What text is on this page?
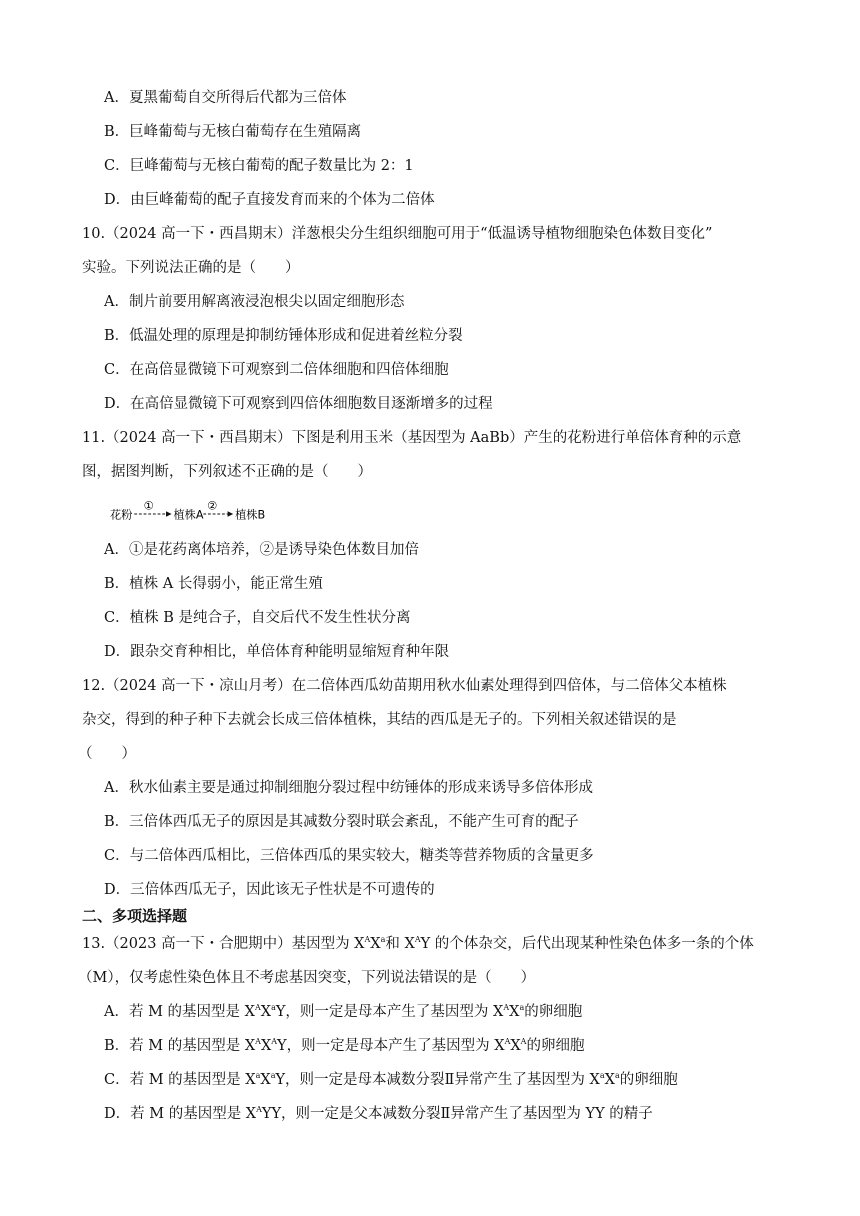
A．夏黑葡萄自交所得后代都为三倍体
B．巨峰葡萄与无核白葡萄存在生殖隔离
C．巨峰葡萄与无核白葡萄的配子数量比为 2：1
D．由巨峰葡萄的配子直接发育而来的个体为二倍体
10.（2024 高一下・西昌期末）洋葱根尖分生组织细胞可用于“低温诱导植物细胞染色体数目变化”
实验。下列说法正确的是（　　）
A．制片前要用解离液浸泡根尖以固定细胞形态
B．低温处理的原理是抑制纺锤体形成和促进着丝粒分裂
C．在高倍显微镜下可观察到二倍体细胞和四倍体细胞
D．在高倍显微镜下可观察到四倍体细胞数目逐渐增多的过程
11.（2024 高一下・西昌期末）下图是利用玉米（基因型为 AaBb）产生的花粉进行单倍体育种的示意
图，据图判断，下列叙述不正确的是（　　）
花粉
①
植株A
②
植株B
A．①是花药离体培养，②是诱导染色体数目加倍
B．植株 A 长得弱小，能正常生殖
C．植株 B 是纯合子，自交后代不发生性状分离
D．跟杂交育种相比，单倍体育种能明显缩短育种年限
12.（2024 高一下・凉山月考）在二倍体西瓜幼苗期用秋水仙素处理得到四倍体，与二倍体父本植株
杂交，得到的种子种下去就会长成三倍体植株，其结的西瓜是无子的。下列相关叙述错误的是
（　　）
A．秋水仙素主要是通过抑制细胞分裂过程中纺锤体的形成来诱导多倍体形成
B．三倍体西瓜无子的原因是其减数分裂时联会紊乱，不能产生可育的配子
C．与二倍体西瓜相比，三倍体西瓜的果实较大，糖类等营养物质的含量更多
D．三倍体西瓜无子，因此该无子性状是不可遗传的
二、多项选择题
13.（2023 高一下・合肥期中）基因型为 $X^AX^a$和 $X^AY$ 的个体杂交，后代出现某种性染色体多一条的个体
（M），仅考虑性染色体且不考虑基因突变，下列说法错误的是（　　）
A．若 M 的基因型是 $X^AX^aY$，则一定是母本产生了基因型为 $X^AX^a$的卵细胞
B．若 M 的基因型是 $X^AX^AY$，则一定是母本产生了基因型为 $X^AX^A$的卵细胞
C．若 M 的基因型是 $X^aX^aY$，则一定是母本减数分裂Ⅱ异常产生了基因型为 $X^aX^a$的卵细胞
D．若 M 的基因型是 $X^AYY$，则一定是父本减数分裂Ⅱ异常产生了基因型为 YY 的精子
